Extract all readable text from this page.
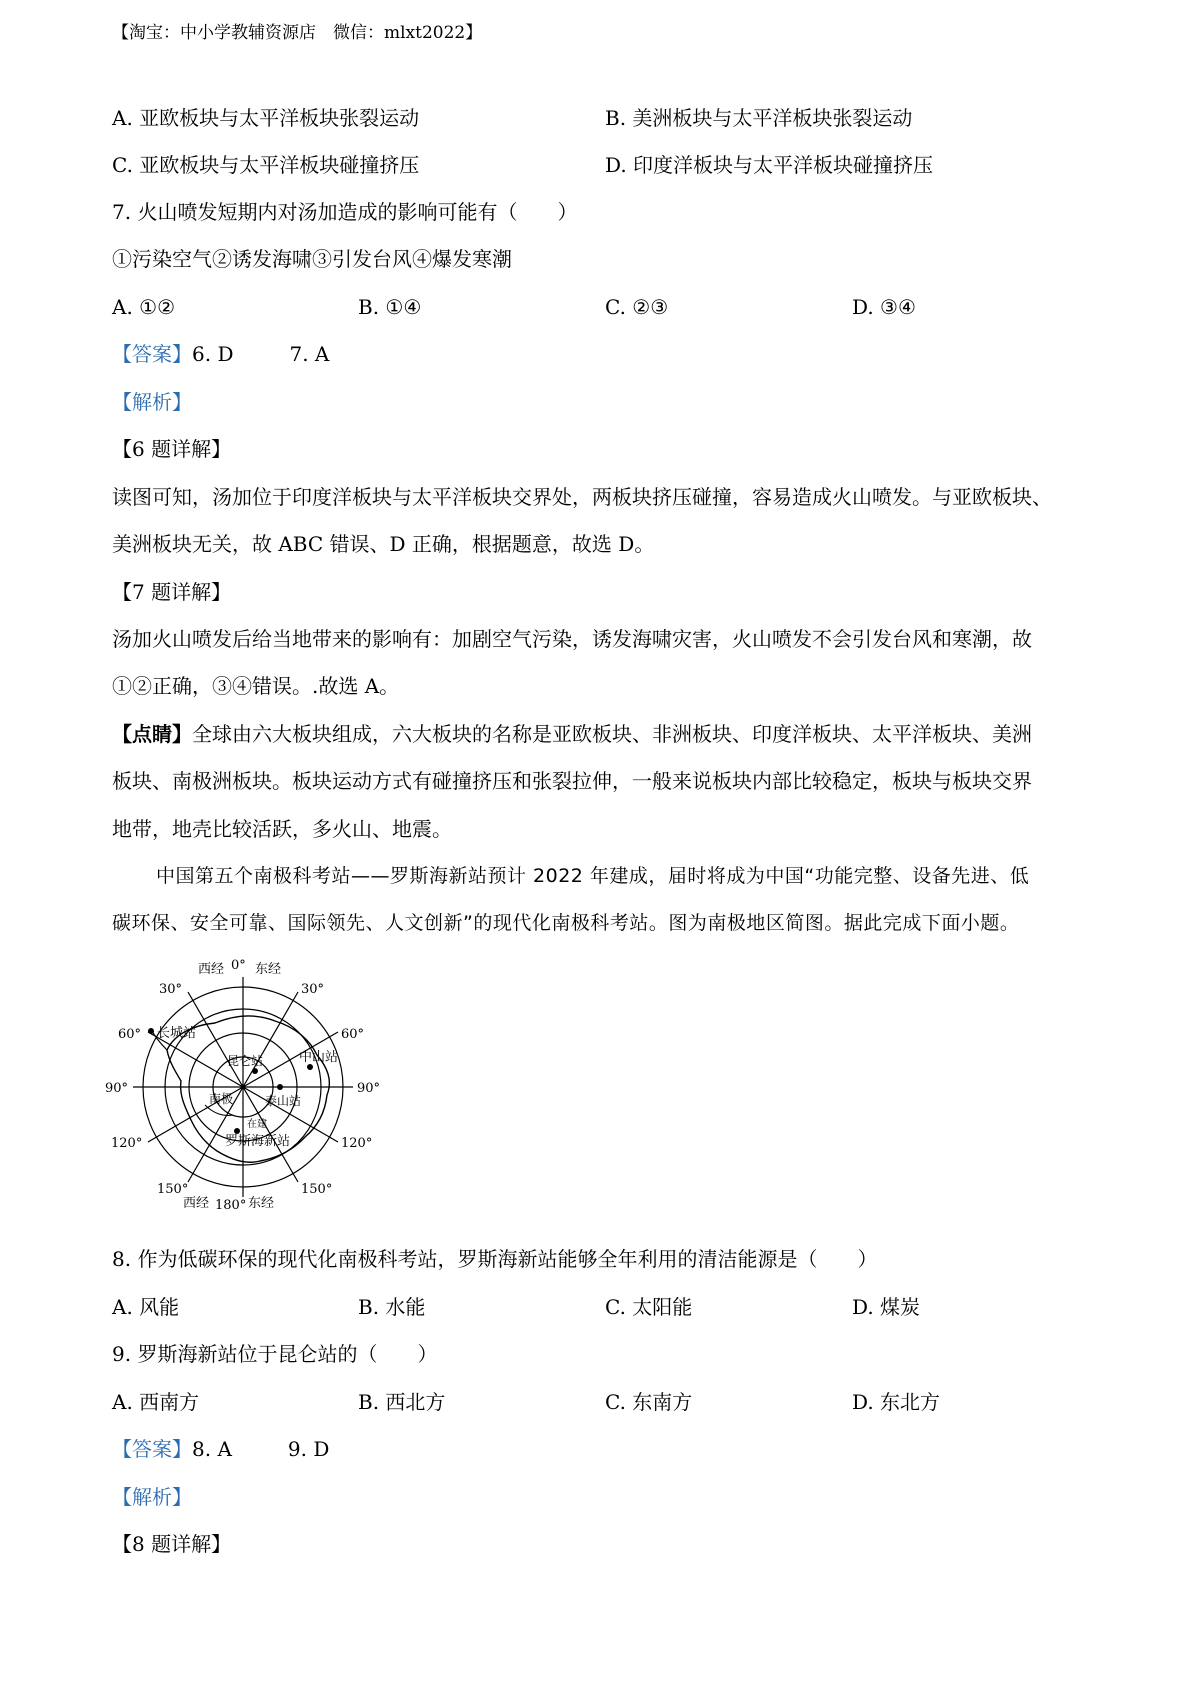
【淘宝：中小学教辅资源店　微信：mlxt2022】
A. 亚欧板块与太平洋板块张裂运动	B. 美洲板块与太平洋板块张裂运动
C. 亚欧板块与太平洋板块碰撞挤压	D. 印度洋板块与太平洋板块碰撞挤压
7. 火山喷发短期内对汤加造成的影响可能有（　　）
①污染空气②诱发海啸③引发台风④爆发寒潮
A. ①②	B. ①④	C. ②③	D. ③④
【答案】6. D	7. A
【解析】
【6 题详解】
读图可知，汤加位于印度洋板块与太平洋板块交界处，两板块挤压碰撞，容易造成火山喷发。与亚欧板块、
美洲板块无关，故 ABC 错误、D 正确，根据题意，故选 D。
【7 题详解】
汤加火山喷发后给当地带来的影响有：加剧空气污染，诱发海啸灾害，火山喷发不会引发台风和寒潮，故
①②正确，③④错误。.故选 A。
【点睛】全球由六大板块组成，六大板块的名称是亚欧板块、非洲板块、印度洋板块、太平洋板块、美洲
板块、南极洲板块。板块运动方式有碰撞挤压和张裂拉伸，一般来说板块内部比较稳定，板块与板块交界
地带，地壳比较活跃，多火山、地震。
中国第五个南极科考站——罗斯海新站预计 2022 年建成，届时将成为中国“功能完整、设备先进、低
碳环保、安全可靠、国际领先、人文创新”的现代化南极科考站。图为南极地区简图。据此完成下面小题。
西经 0° 东经
30°	30°
60°	60°
90°	90°
120°	120°
150°	150°
西经 180° 东经
长城站
昆仑站	中山站
泰山站
南极
在建
罗斯海新站
8. 作为低碳环保的现代化南极科考站，罗斯海新站能够全年利用的清洁能源是（　　）
A. 风能	B. 水能	C. 太阳能	D. 煤炭
9. 罗斯海新站位于昆仑站的（　　）
A. 西南方	B. 西北方	C. 东南方	D. 东北方
【答案】8. A	9. D
【解析】
【8 题详解】
